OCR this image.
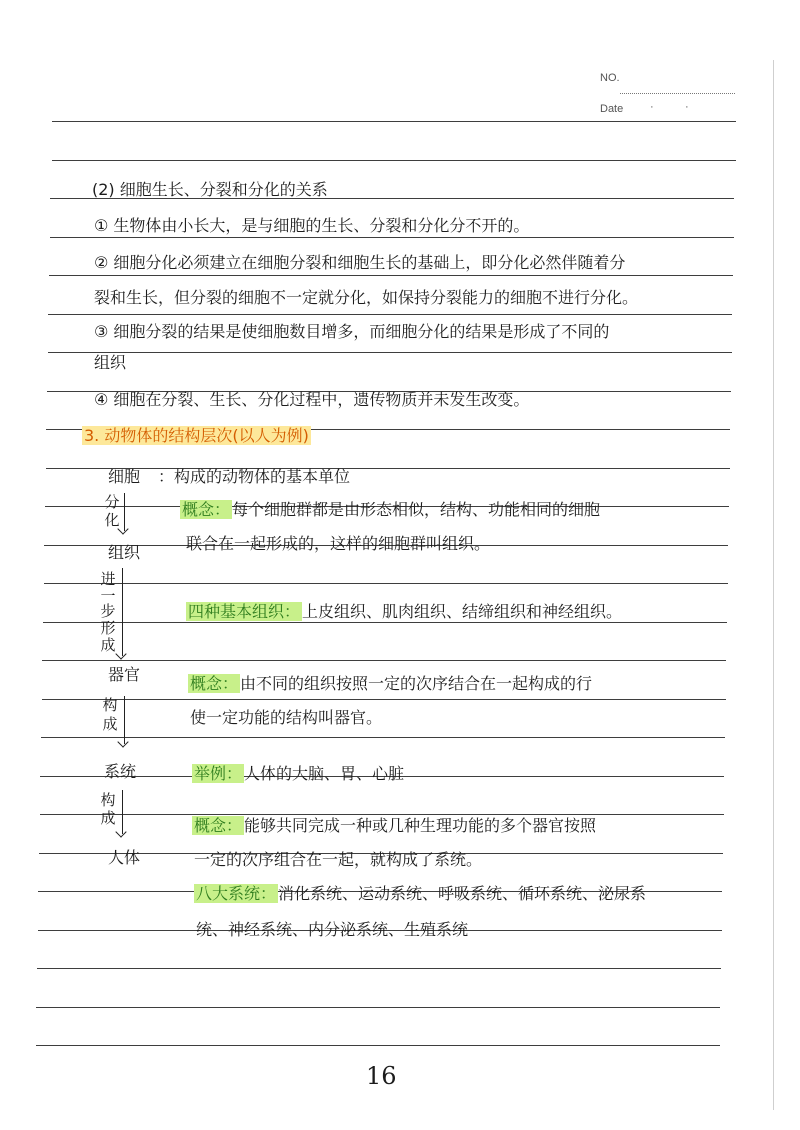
NO.
Date ·	·
(2) 细胞生长、分裂和分化的关系
① 生物体由小长大，是与细胞的生长、分裂和分化分不开的。
② 细胞分化必须建立在细胞分裂和细胞生长的基础上，即分化必然伴随着分
裂和生长，但分裂的细胞不一定就分化，如保持分裂能力的细胞不进行分化。
③ 细胞分裂的结果是使细胞数目增多，而细胞分化的结果是形成了不同的
组织
④ 细胞在分裂、生长、分化过程中，遗传物质并未发生改变。
3. 动物体的结构层次(以人为例)
细胞 ：构成的动物体的基本单位
分
化
概念： 每个细胞群都是由形态相似，结构、功能相同的细胞
组织	联合在一起形成的，这样的细胞群叫组织。
进
一
步
形
成
四种基本组织： 上皮组织、肌肉组织、结缔组织和神经组织。
器官	概念： 由不同的组织按照一定的次序结合在一起构成的行
构
成	使一定功能的结构叫器官。
系统	举例： 人体的大脑、胃、心脏
构
成	概念： 能够共同完成一种或几种生理功能的多个器官按照
人体	一定的次序组合在一起，就构成了系统。
八大系统： 消化系统、运动系统、呼吸系统、循环系统、泌尿系
统、神经系统、内分泌系统、生殖系统
16
